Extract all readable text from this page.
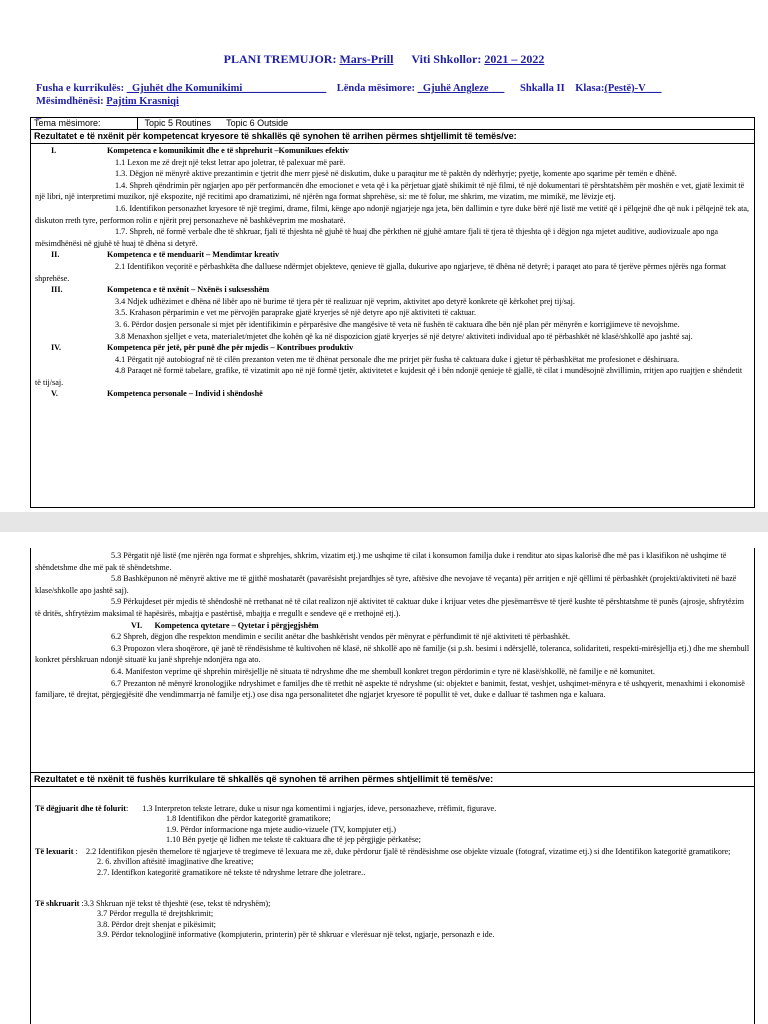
PLANI TREMUJOR: Mars-Prill Viti Shkollor: 2021 – 2022
Fusha e kurrikulës: _Gjuhët dhe Komunikimi________________ Lënda mësimore: _Gjuhë Angleze___ Shkalla II Klasa:(Pestë)-V___
Mësimdhënësi: Pajtim Krasniqi
_
Tema mësimore:	Topic 5 Routines Topic 6 Outside
Rezultatet e të nxënit për kompetencat kryesore të shkallës që synohen të arrihen përmes shtjellimit të temës/ve:

I.	Kompetenca e komunikimit dhe e të shprehurit –Komunikues efektiv

1.1 Lexon me zë drejt një tekst letrar apo joletrar, të palexuar më parë.

1.3. Dëgjon në mënyrë aktive prezantimin e tjetrit dhe merr pjesë në diskutim, duke u paraqitur me të paktën dy ndërhyrje; pyetje, komente apo sqarime për temën e dhënë.

1.4. Shpreh qëndrimin për ngjarjen apo për performancën dhe emocionet e veta që i ka përjetuar gjatë shikimit të një filmi, të një dokumentari të përshtatshëm për moshën e vet, gjatë leximit të një libri, një interpretimi muzikor, një ekspozite, një recitimi apo dramatizimi, në njërën nga format shprehëse, si: me të folur, me shkrim, me vizatim, me mimikë, me lëvizje etj.

1.6. Identifikon personazhet kryesore të një tregimi, drame, filmi, kënge apo ndonjë ngjarjeje nga jeta, bën dallimin e tyre duke bërë një listë me vetitë që i pëlqejnë dhe që nuk i pëlqejnë tek ata, diskuton rreth tyre, performon rolin e njërit prej personazheve në bashkëveprim me moshatarë.

1.7. Shpreh, në formë verbale dhe të shkruar, fjali të thjeshta në gjuhë të huaj dhe përkthen në gjuhë amtare fjali të tjera të thjeshta që i dëgjon nga mjetet auditive, audiovizuale apo nga mësimdhënësi në gjuhë të huaj të dhëna si detyrë.

II.	Kompetenca e të menduarit – Mendimtar kreativ

2.1 Identifikon veçoritë e përbashkëta dhe dalluese ndërmjet objekteve, qenieve të gjalla, dukurive apo ngjarjeve, të dhëna në detyrë; i paraqet ato para të tjerëve përmes njërës nga format shprehëse.

III.	Kompetenca e të nxënit – Nxënës i suksesshëm

3.4 Ndjek udhëzimet e dhëna në libër apo në burime të tjera për të realizuar një veprim, aktivitet apo detyrë konkrete që kërkohet prej tij/saj.

3.5. Krahason përparimin e vet me përvojën paraprake gjatë kryerjes së një detyre apo një aktiviteti të caktuar.

3. 6. Përdor dosjen personale si mjet për identifikimin e përparësive dhe mangësive të veta në fushën të caktuara dhe bën një plan për mënyrën e korrigjimeve të nevojshme.

3.8 Menaxhon sjelljet e veta, materialet/mjetet dhe kohën që ka në dispozicion gjatë kryerjes së një detyre/ aktiviteti individual apo të përbashkët në klasë/shkollë apo jashtë saj.

IV.	Kompetenca për jetë, për punë dhe për mjedis – Kontribues produktiv

4.1 Përgatit një autobiograf në të cilën prezanton veten me të dhënat personale dhe me prirjet për fusha të caktuara duke i gjetur të përbashkëtat me profesionet e dëshiruara.

4.8 Paraqet në formë tabelare, grafike, të vizatimit apo në një formë tjetër, aktivitetet e kujdesit që i bën ndonjë qenieje të gjallë, të cilat i mundësojnë zhvillimin, rritjen apo ruajtjen e shëndetit të tij/saj.

V.	Kompetenca personale – Individ i shëndoshë

5.3 Përgatit një listë (me njërën nga format e shprehjes, shkrim, vizatim etj.) me ushqime të cilat i konsumon familja duke i renditur ato sipas kalorisë dhe më pas i klasifikon në ushqime të shëndetshme dhe më pak të shëndetshme.

5.8 Bashkëpunon në mënyrë aktive me të gjithë moshatarët (pavarësisht prejardhjes së tyre, aftësive dhe nevojave të veçanta) për arritjen e një qëllimi të përbashkët (projekti/aktiviteti në bazë klase/shkolle apo jashtë saj).

5.9 Përkujdeset për mjedis të shëndoshë në rrethanat në të cilat realizon një aktivitet të caktuar duke i krijuar vetes dhe pjesëmarrësve të tjerë kushte të përshtatshme të punës (ajrosje, shfrytëzim të dritës, shfrytëzim maksimal të hapësirës, mbajtja e pastërtisë, mbajtja e rregullt e sendeve që e rrethojnë etj.).

VI. Kompetenca qytetare – Qytetar i përgjegjshëm

6.2 Shpreh, dëgjon dhe respekton mendimin e secilit anëtar dhe bashkërisht vendos për mënyrat e përfundimit të një aktiviteti të përbashkët.

6.3 Propozon vlera shoqërore, që janë të rëndësishme të kultivohen në klasë, në shkollë apo në familje (si p.sh. besimi i ndërsjellë, toleranca, solidariteti, respekti-mirësjellja etj.) dhe me shembull konkret përshkruan ndonjë situatë ku janë shprehje ndonjëra nga ato.

6.4. Manifeston veprime që shprehin mirësjellje në situata të ndryshme dhe me shembull konkret tregon përdorimin e tyre në klasë/shkollë, në familje e në komunitet.

6.7 Prezanton në mënyrë kronologjike ndryshimet e familjes dhe të rrethit në aspekte të ndryshme (si: objektet e banimit, festat, veshjet, ushqimet-mënyra e të ushqyerit, menaxhimi i ekonomisë familjare, të drejtat, përgjegjësitë dhe vendimmarrja në familje etj.) ose disa nga personalitetet dhe ngjarjet kryesore të popullit të vet, duke e dalluar të tashmen nga e kaluara.

Rezultatet e të nxënit të fushës kurrikulare të shkallës që synohen të arrihen përmes shtjellimit të temës/ve:

Të dëgjuarit dhe të folurit: 1.3 Interpreton tekste letrare, duke u nisur nga komentimi i ngjarjes, ideve, personazheve, rrëfimit, figurave.

1.8 Identifikon dhe përdor kategoritë gramatikore;

1.9. Përdor informacione nga mjete audio-vizuele (TV, kompjuter etj.)

1.10 Bën pyetje që lidhen me tekste të caktuara dhe të jep përgjigje përkatëse;

Të lexuarit : 2.2 Identifikon pjesën themelore të ngjarjeve të tregimeve të lexuara me zë, duke përdorur fjalë të rëndësishme ose objekte vizuale (fotograf, vizatime etj.) si dhe Identifikon kategoritë gramatikore;

2. 6. zhvillon aftësitë imagjinative dhe kreative;

2.7. Identifkon kategoritë gramatikore në tekste të ndryshme letrare dhe joletrare..

Të shkruarit :3.3 Shkruan një tekst të thjeshtë (ese, tekst të ndryshëm);

3.7 Përdor rregulla të drejtshkrimit;

3.8. Përdor drejt shenjat e pikësimit;

3.9. Përdor teknologjinë informative (kompjuterin, printerin) për të shkruar e vlerësuar një tekst, ngjarje, personazh e ide.
